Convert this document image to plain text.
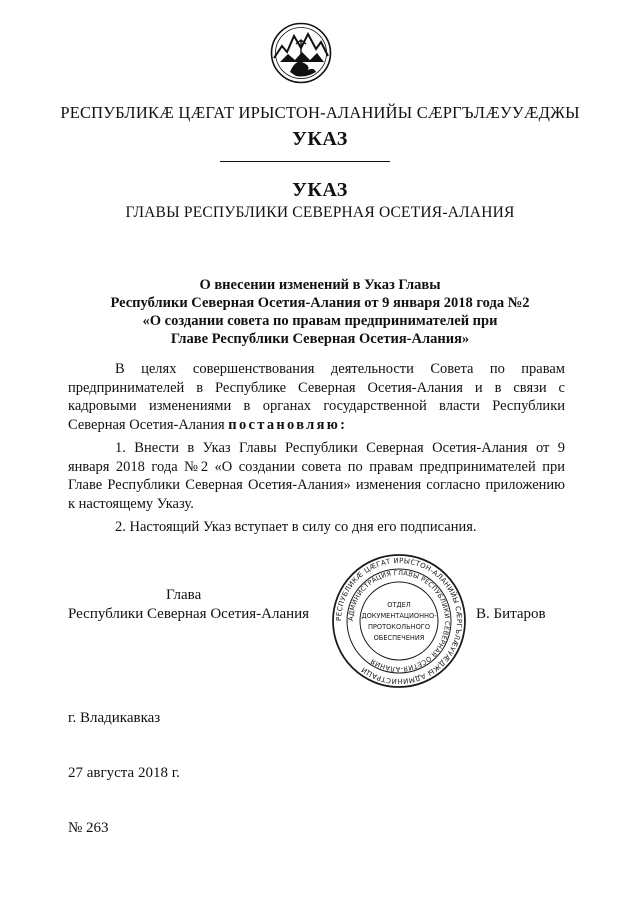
РЕСПУБЛИКӔ ЦӔГАТ ИРЫСТОН-АЛАНИЙЫ СӔРГЪЛӔУУӔДЖЫ
УКАЗ
УКАЗ
ГЛАВЫ РЕСПУБЛИКИ СЕВЕРНАЯ ОСЕТИЯ-АЛАНИЯ
О внесении изменений в Указ Главы
Республики Северная Осетия-Алания от 9 января 2018 года №2
«О создании совета по правам предпринимателей при
Главе Республики Северная Осетия-Алания»

В целях совершенствования деятельности Совета по правам предпринимателей в Республике Северная Осетия-Алания и в связи с кадровыми изменениями в органах государственной власти Республики Северная Осетия-Алания постановляю:

1. Внести в Указ Главы Республики Северная Осетия-Алания от 9 января 2018 года №2 «О создании совета по правам предпринимателей при Главе Республики Северная Осетия-Алания» изменения согласно приложению к настоящему Указу.

2. Настоящий Указ вступает в силу со дня его подписания.

Глава
Республики Северная Осетия-Алания	РЕСПУБЛИКӔ ЦӔГАТ ИРЫСТОН-АЛАНИЙЫ СӔРГЪЛӔУУӔДЖЫ АДМИНИСТРАЦИ
АДМИНИСТРАЦИЯ ГЛАВЫ РЕСПУБЛИКИ СЕВЕРНАЯ ОСЕТИЯ-АЛАНИЯ
ОТДЕЛ
ДОКУМЕНТАЦИОННО-
ПРОТОКОЛЬНОГО
ОБЕСПЕЧЕНИЯ
В. Битаров
г. Владикавказ
27 августа 2018 г.
№ 263
